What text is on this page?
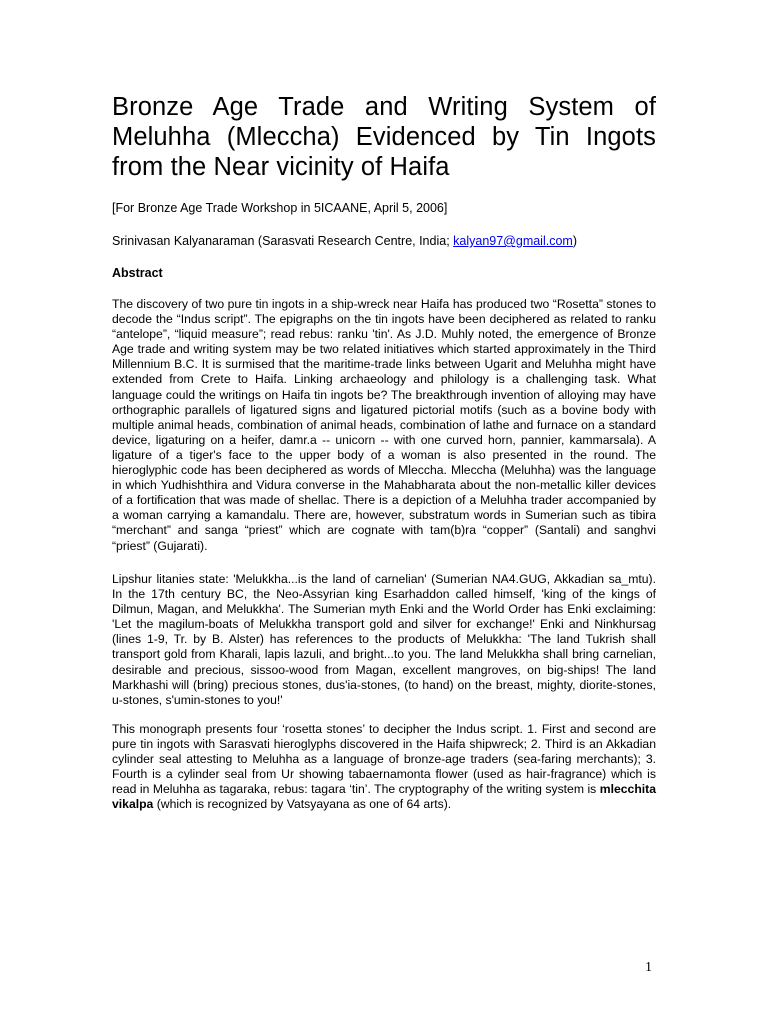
Bronze Age Trade and Writing System of Meluhha (Mleccha) Evidenced by Tin Ingots from the Near vicinity of Haifa

[For Bronze Age Trade Workshop in 5ICAANE, April 5, 2006]

Srinivasan Kalyanaraman (Sarasvati Research Centre, India; kalyan97@gmail.com)

Abstract

The discovery of two pure tin ingots in a ship-wreck near Haifa has produced two “Rosetta” stones to decode the “Indus script”. The epigraphs on the tin ingots have been deciphered as related to ranku “antelope”, “liquid measure”; read rebus: ranku 'tin'. As J.D. Muhly noted, the emergence of Bronze Age trade and writing system may be two related initiatives which started approximately in the Third Millennium B.C. It is surmised that the maritime-trade links between Ugarit and Meluhha might have extended from Crete to Haifa. Linking archaeology and philology is a challenging task. What language could the writings on Haifa tin ingots be? The breakthrough invention of alloying may have orthographic parallels of ligatured signs and ligatured pictorial motifs (such as a bovine body with multiple animal heads, combination of animal heads, combination of lathe and furnace on a standard device, ligaturing on a heifer, damr.a -- unicorn -- with one curved horn, pannier, kammarsala). A ligature of a tiger's face to the upper body of a woman is also presented in the round. The hieroglyphic code has been deciphered as words of Mleccha. Mleccha (Meluhha) was the language in which Yudhishthira and Vidura converse in the Mahabharata about the non-metallic killer devices of a fortification that was made of shellac. There is a depiction of a Meluhha trader accompanied by a woman carrying a kamandalu. There are, however, substratum words in Sumerian such as tibira “merchant” and sanga “priest” which are cognate with tam(b)ra “copper” (Santali) and sanghvi “priest” (Gujarati).

Lipshur litanies state: 'Melukkha...is the land of carnelian' (Sumerian NA4.GUG, Akkadian sa_mtu). In the 17th century BC, the Neo-Assyrian king Esarhaddon called himself, 'king of the kings of Dilmun, Magan, and Melukkha'. The Sumerian myth Enki and the World Order has Enki exclaiming: 'Let the magilum-boats of Melukkha transport gold and silver for exchange!' Enki and Ninkhursag (lines 1-9, Tr. by B. Alster) has references to the products of Melukkha: 'The land Tukrish shall transport gold from Kharali, lapis lazuli, and bright...to you. The land Melukkha shall bring carnelian, desirable and precious, sissoo-wood from Magan, excellent mangroves, on big-ships! The land Markhashi will (bring) precious stones, dus'ia-stones, (to hand) on the breast, mighty, diorite-stones, u-stones, s'umin-stones to you!'

This monograph presents four ‘rosetta stones’ to decipher the Indus script. 1. First and second are pure tin ingots with Sarasvati hieroglyphs discovered in the Haifa shipwreck; 2. Third is an Akkadian cylinder seal attesting to Meluhha as a language of bronze-age traders (sea-faring merchants); 3. Fourth is a cylinder seal from Ur showing tabaernamonta flower (used as hair-fragrance) which is read in Meluhha as tagaraka, rebus: tagara ‘tin’. The cryptography of the writing system is mlecchita vikalpa (which is recognized by Vatsyayana as one of 64 arts).

1
